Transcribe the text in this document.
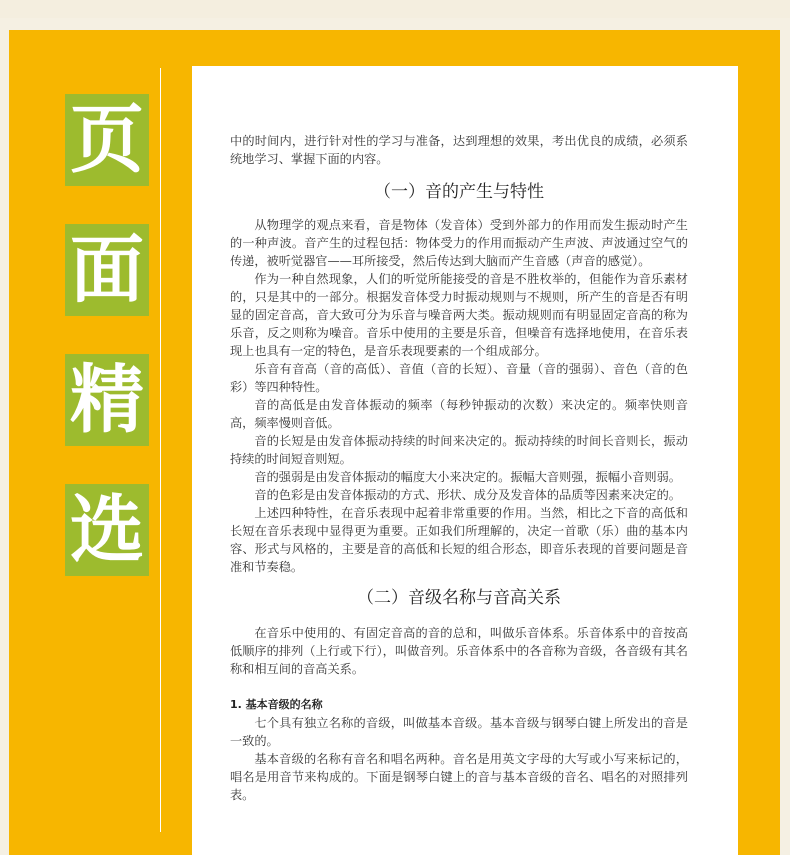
页
面
精
选

中的时间内，进行针对性的学习与准备，达到理想的效果，考出优良的成绩，必须系统地学习、掌握下面的内容。

（一）音的产生与特性

从物理学的观点来看，音是物体（发音体）受到外部力的作用而发生振动时产生的一种声波。音产生的过程包括：物体受力的作用而振动产生声波、声波通过空气的传递，被听觉器官——耳所接受，然后传达到大脑而产生音感（声音的感觉）。

作为一种自然现象，人们的听觉所能接受的音是不胜枚举的，但能作为音乐素材的，只是其中的一部分。根据发音体受力时振动规则与不规则，所产生的音是否有明显的固定音高，音大致可分为乐音与噪音两大类。振动规则而有明显固定音高的称为乐音，反之则称为噪音。音乐中使用的主要是乐音，但噪音有选择地使用，在音乐表现上也具有一定的特色，是音乐表现要素的一个组成部分。

乐音有音高（音的高低）、音值（音的长短）、音量（音的强弱）、音色（音的色彩）等四种特性。

音的高低是由发音体振动的频率（每秒钟振动的次数）来决定的。频率快则音高，频率慢则音低。

音的长短是由发音体振动持续的时间来决定的。振动持续的时间长音则长，振动持续的时间短音则短。

音的强弱是由发音体振动的幅度大小来决定的。振幅大音则强，振幅小音则弱。

音的色彩是由发音体振动的方式、形状、成分及发音体的品质等因素来决定的。

上述四种特性，在音乐表现中起着非常重要的作用。当然，相比之下音的高低和长短在音乐表现中显得更为重要。正如我们所理解的，决定一首歌（乐）曲的基本内容、形式与风格的，主要是音的高低和长短的组合形态，即音乐表现的首要问题是音准和节奏稳。

（二）音级名称与音高关系

在音乐中使用的、有固定音高的音的总和，叫做乐音体系。乐音体系中的音按高低顺序的排列（上行或下行），叫做音列。乐音体系中的各音称为音级，各音级有其名称和相互间的音高关系。

1. 基本音级的名称

七个具有独立名称的音级，叫做基本音级。基本音级与钢琴白键上所发出的音是一致的。

基本音级的名称有音名和唱名两种。音名是用英文字母的大写或小写来标记的，唱名是用音节来构成的。下面是钢琴白键上的音与基本音级的音名、唱名的对照排列表。
